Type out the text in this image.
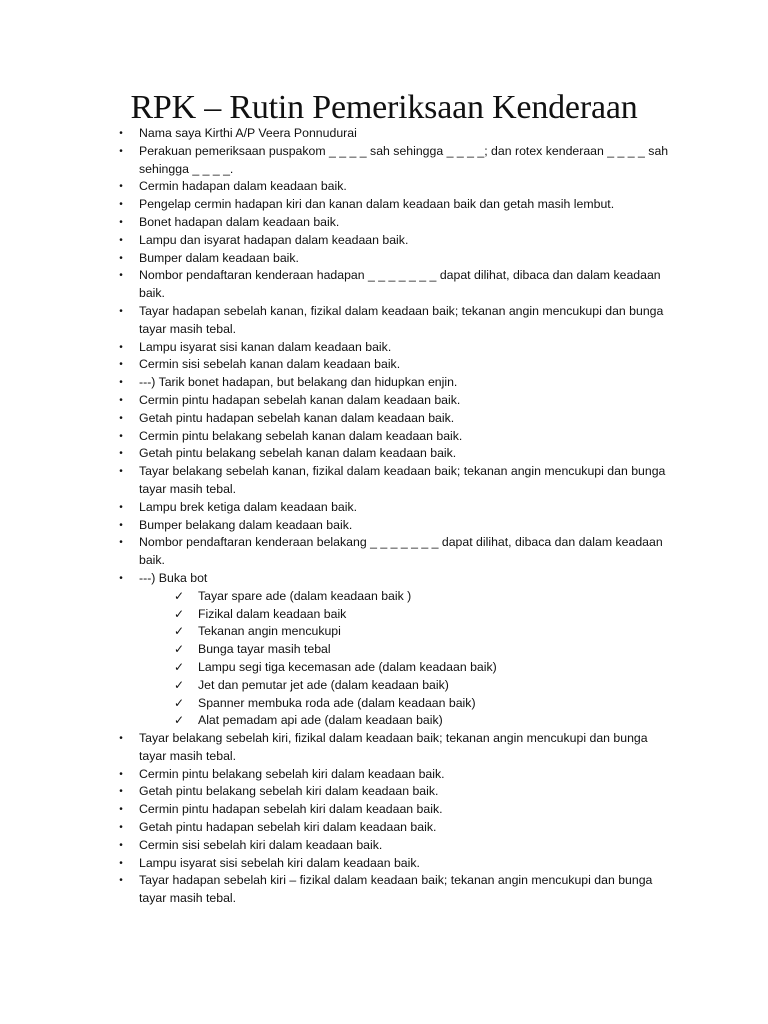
RPK – Rutin Pemeriksaan Kenderaan
• Nama saya Kirthi A/P Veera Ponnudurai
• Perakuan pemeriksaan puspakom _ _ _ _ sah sehingga _ _ _ _; dan rotex kenderaan _ _ _ _ sah sehingga _ _ _ _.
• Cermin hadapan dalam keadaan baik.
• Pengelap cermin hadapan kiri dan kanan dalam keadaan baik dan getah masih lembut.
• Bonet hadapan dalam keadaan baik.
• Lampu dan isyarat hadapan dalam keadaan baik.
• Bumper dalam keadaan baik.
• Nombor pendaftaran kenderaan hadapan _ _ _ _ _ _ _ dapat dilihat, dibaca dan dalam keadaan baik.
• Tayar hadapan sebelah kanan, fizikal dalam keadaan baik; tekanan angin mencukupi dan bunga tayar masih tebal.
• Lampu isyarat sisi kanan dalam keadaan baik.
• Cermin sisi sebelah kanan dalam keadaan baik.
• ---) Tarik bonet hadapan, but belakang dan hidupkan enjin.
• Cermin pintu hadapan sebelah kanan dalam keadaan baik.
• Getah pintu hadapan sebelah kanan dalam keadaan baik.
• Cermin pintu belakang sebelah kanan dalam keadaan baik.
• Getah pintu belakang sebelah kanan dalam keadaan baik.
• Tayar belakang sebelah kanan, fizikal dalam keadaan baik; tekanan angin mencukupi dan bunga tayar masih tebal.
• Lampu brek ketiga dalam keadaan baik.
• Bumper belakang dalam keadaan baik.
• Nombor pendaftaran kenderaan belakang _ _ _ _ _ _ _ dapat dilihat, dibaca dan dalam keadaan baik.
• ---) Buka bot
✓	Tayar spare ade (dalam keadaan baik )
✓	Fizikal dalam keadaan baik
✓	Tekanan angin mencukupi
✓	Bunga tayar masih tebal
✓	Lampu segi tiga kecemasan ade (dalam keadaan baik)
✓	Jet dan pemutar jet ade (dalam keadaan baik)
✓	Spanner membuka roda ade (dalam keadaan baik)
✓	Alat pemadam api ade (dalam keadaan baik)
• Tayar belakang sebelah kiri, fizikal dalam keadaan baik; tekanan angin mencukupi dan bunga tayar masih tebal.
• Cermin pintu belakang sebelah kiri dalam keadaan baik.
• Getah pintu belakang sebelah kiri dalam keadaan baik.
• Cermin pintu hadapan sebelah kiri dalam keadaan baik.
• Getah pintu hadapan sebelah kiri dalam keadaan baik.
• Cermin sisi sebelah kiri dalam keadaan baik.
• Lampu isyarat sisi sebelah kiri dalam keadaan baik.
• Tayar hadapan sebelah kiri – fizikal dalam keadaan baik; tekanan angin mencukupi dan bunga tayar masih tebal.
